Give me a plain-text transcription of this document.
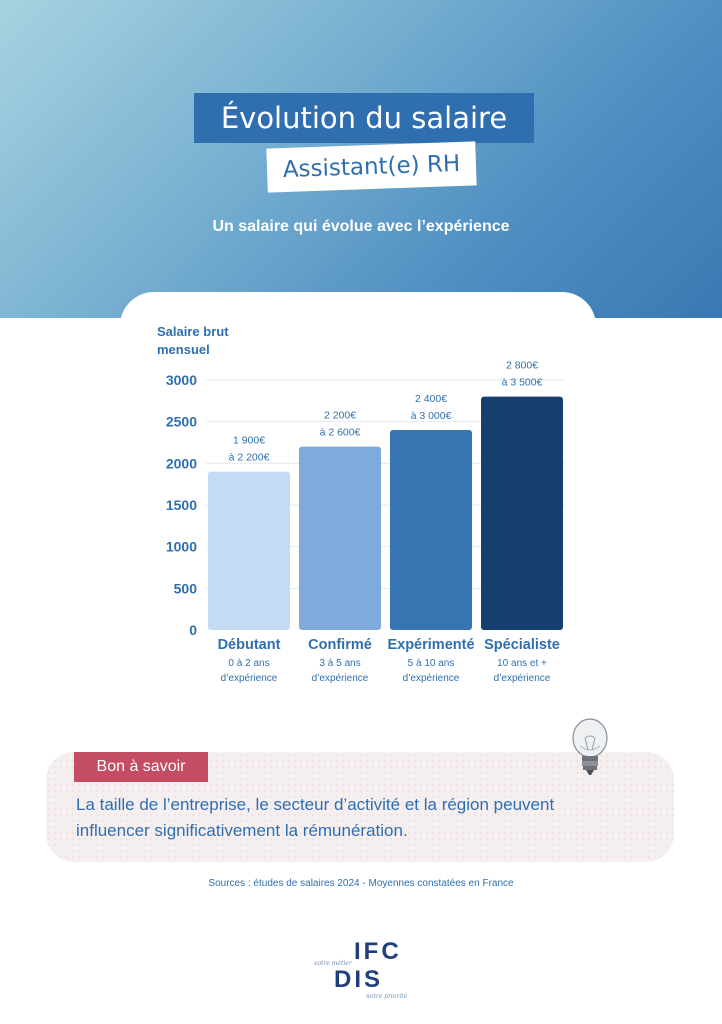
Évolution du salaire
Assistant(e) RH
Un salaire qui évolue avec l’expérience
Salaire brut
mensuel
0
500
1000
1500
2000
2500
3000
1 900€
à 2 200€
Débutant
0 à 2 ans
d’expérience
2 200€
à 2 600€
Confirmé
3 à 5 ans
d’expérience
2 400€
à 3 000€
Expérimenté
5 à 10 ans
d’expérience
2 800€
à 3 500€
Spécialiste
10 ans et +
d’expérience
Bon à savoir
La taille de l’entreprise, le secteur d’activité et la région peuvent
influencer significativement la rémunération.
Sources : études de salaires 2024 - Moyennes constatées en France
IFC
votre métier
DIS
notre priorité
